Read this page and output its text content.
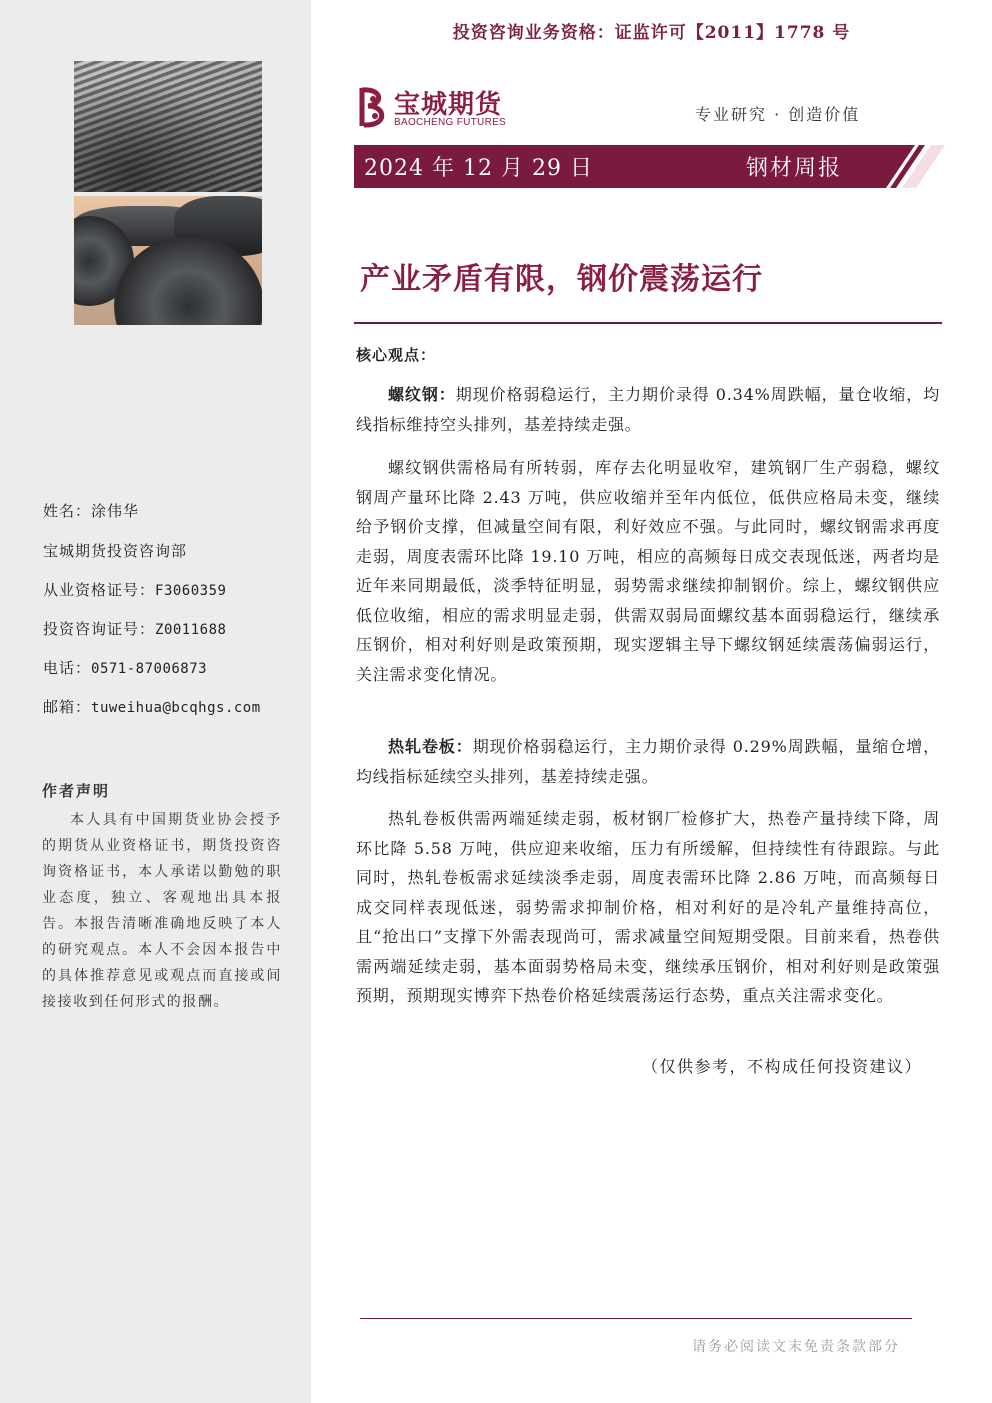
姓名：涂伟华
宝城期货投资咨询部
从业资格证号：F3060359
投资咨询证号：Z0011688
电话：0571-87006873
邮箱：tuweihua@bcqhgs.com
作者声明
本人具有中国期货业协会授予的期货从业资格证书，期货投资咨询资格证书，本人承诺以勤勉的职业态度，独立、客观地出具本报告。本报告清晰准确地反映了本人的研究观点。本人不会因本报告中的具体推荐意见或观点而直接或间接接收到任何形式的报酬。
投资咨询业务资格：证监许可【2011】1778 号
宝城期货
BAOCHENG FUTURES	专业研究 · 创造价值
2024 年 12 月 29 日	钢材周报
产业矛盾有限，钢价震荡运行
核心观点：
螺纹钢：期现价格弱稳运行，主力期价录得 0.34%周跌幅，量仓收缩，均线指标维持空头排列，基差持续走强。
螺纹钢供需格局有所转弱，库存去化明显收窄，建筑钢厂生产弱稳，螺纹钢周产量环比降 2.43 万吨，供应收缩并至年内低位，低供应格局未变，继续给予钢价支撑，但减量空间有限，利好效应不强。与此同时，螺纹钢需求再度走弱，周度表需环比降 19.10 万吨，相应的高频每日成交表现低迷，两者均是近年来同期最低，淡季特征明显，弱势需求继续抑制钢价。综上，螺纹钢供应低位收缩，相应的需求明显走弱，供需双弱局面螺纹基本面弱稳运行，继续承压钢价，相对利好则是政策预期，现实逻辑主导下螺纹钢延续震荡偏弱运行，关注需求变化情况。
热轧卷板：期现价格弱稳运行，主力期价录得 0.29%周跌幅，量缩仓增，均线指标延续空头排列，基差持续走强。
热轧卷板供需两端延续走弱，板材钢厂检修扩大，热卷产量持续下降，周环比降 5.58 万吨，供应迎来收缩，压力有所缓解，但持续性有待跟踪。与此同时，热轧卷板需求延续淡季走弱，周度表需环比降 2.86 万吨，而高频每日成交同样表现低迷，弱势需求抑制价格，相对利好的是冷轧产量维持高位，且“抢出口”支撑下外需表现尚可，需求减量空间短期受限。目前来看，热卷供需两端延续走弱，基本面弱势格局未变，继续承压钢价，相对利好则是政策强预期，预期现实博弈下热卷价格延续震荡运行态势，重点关注需求变化。
（仅供参考，不构成任何投资建议）
请务必阅读文末免责条款部分
